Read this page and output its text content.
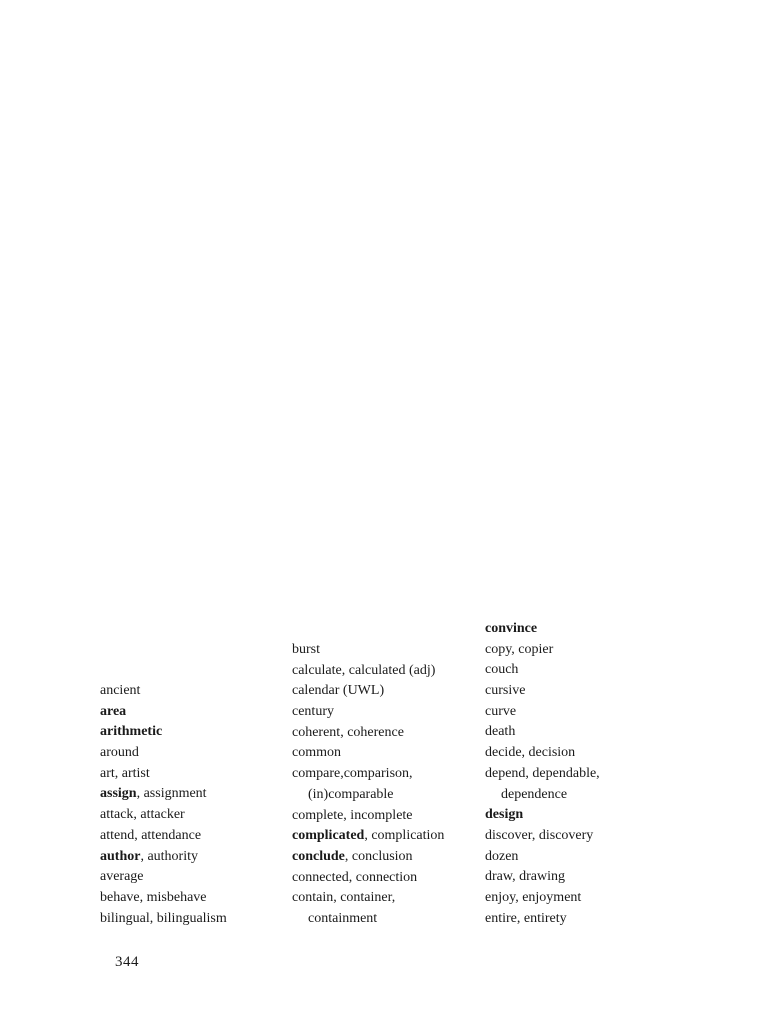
ancient
area
arithmetic
around
art, artist
assign, assignment
attack, attacker
attend, attendance
author, authority
average
behave, misbehave
bilingual, bilingualism
burst
calculate, calculated (adj)
calendar (UWL)
century
coherent, coherence
common
compare,comparison,
(in)comparable
complete, incomplete
complicated, complication
conclude, conclusion
connected, connection
contain, container,
containment
convince
copy, copier
couch
cursive
curve
death
decide, decision
depend, dependable,
dependence
design
discover, discovery
dozen
draw, drawing
enjoy, enjoyment
entire, entirety
344
